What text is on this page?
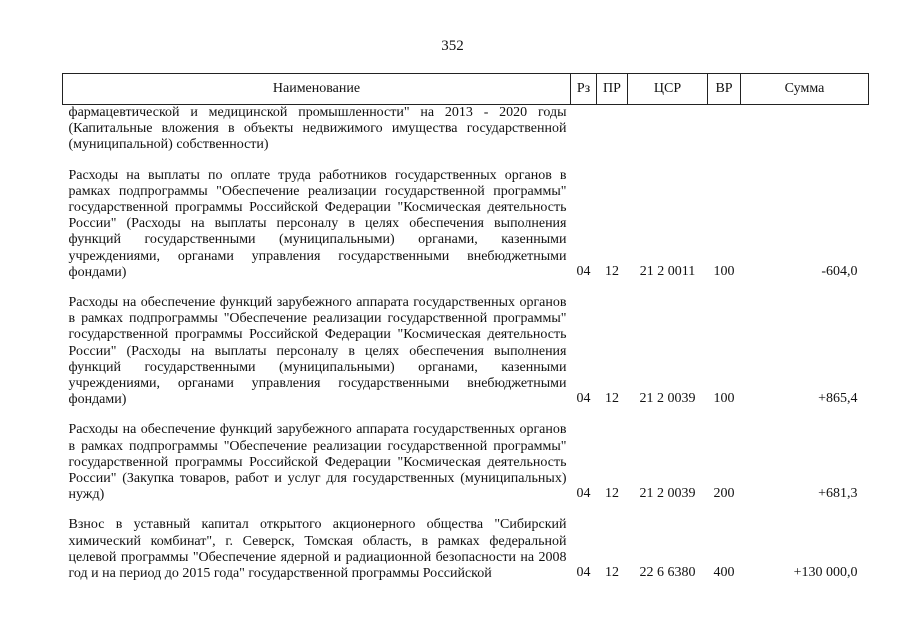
352
Наименование	Рз	ПР	ЦСР	ВР	Сумма
фармацевтической и медицинской промышленности" на 2013 - 2020 годы (Капитальные вложения в объекты недвижимого имущества государственной (муниципальной) собственности)					

Расходы на выплаты по оплате труда работников государственных органов в рамках подпрограммы "Обеспечение реализации государственной программы" государственной программы Российской Федерации "Космическая деятельность России" (Расходы на выплаты персоналу в целях обеспечения выполнения функций государственными (муниципальными) органами, казенными учреждениями, органами управления государственными внебюджетными фондами)	04	12	21 2 0011	100	-604,0

Расходы на обеспечение функций зарубежного аппарата государственных органов в рамках подпрограммы "Обеспечение реализации государственной программы" государственной программы Российской Федерации "Космическая деятельность России" (Расходы на выплаты персоналу в целях обеспечения выполнения функций государственными (муниципальными) органами, казенными учреждениями, органами управления государственными внебюджетными фондами)	04	12	21 2 0039	100	+865,4

Расходы на обеспечение функций зарубежного аппарата государственных органов в рамках подпрограммы "Обеспечение реализации государственной программы" государственной программы Российской Федерации "Космическая деятельность России" (Закупка товаров, работ и услуг для государственных (муниципальных) нужд)	04	12	21 2 0039	200	+681,3

Взнос в уставный капитал открытого акционерного общества "Сибирский химический комбинат", г. Северск, Томская область, в рамках федеральной целевой программы "Обеспечение ядерной и радиационной безопасности на 2008 год и на период до 2015 года" государственной программы Российской	04	12	22 6 6380	400	+130 000,0
